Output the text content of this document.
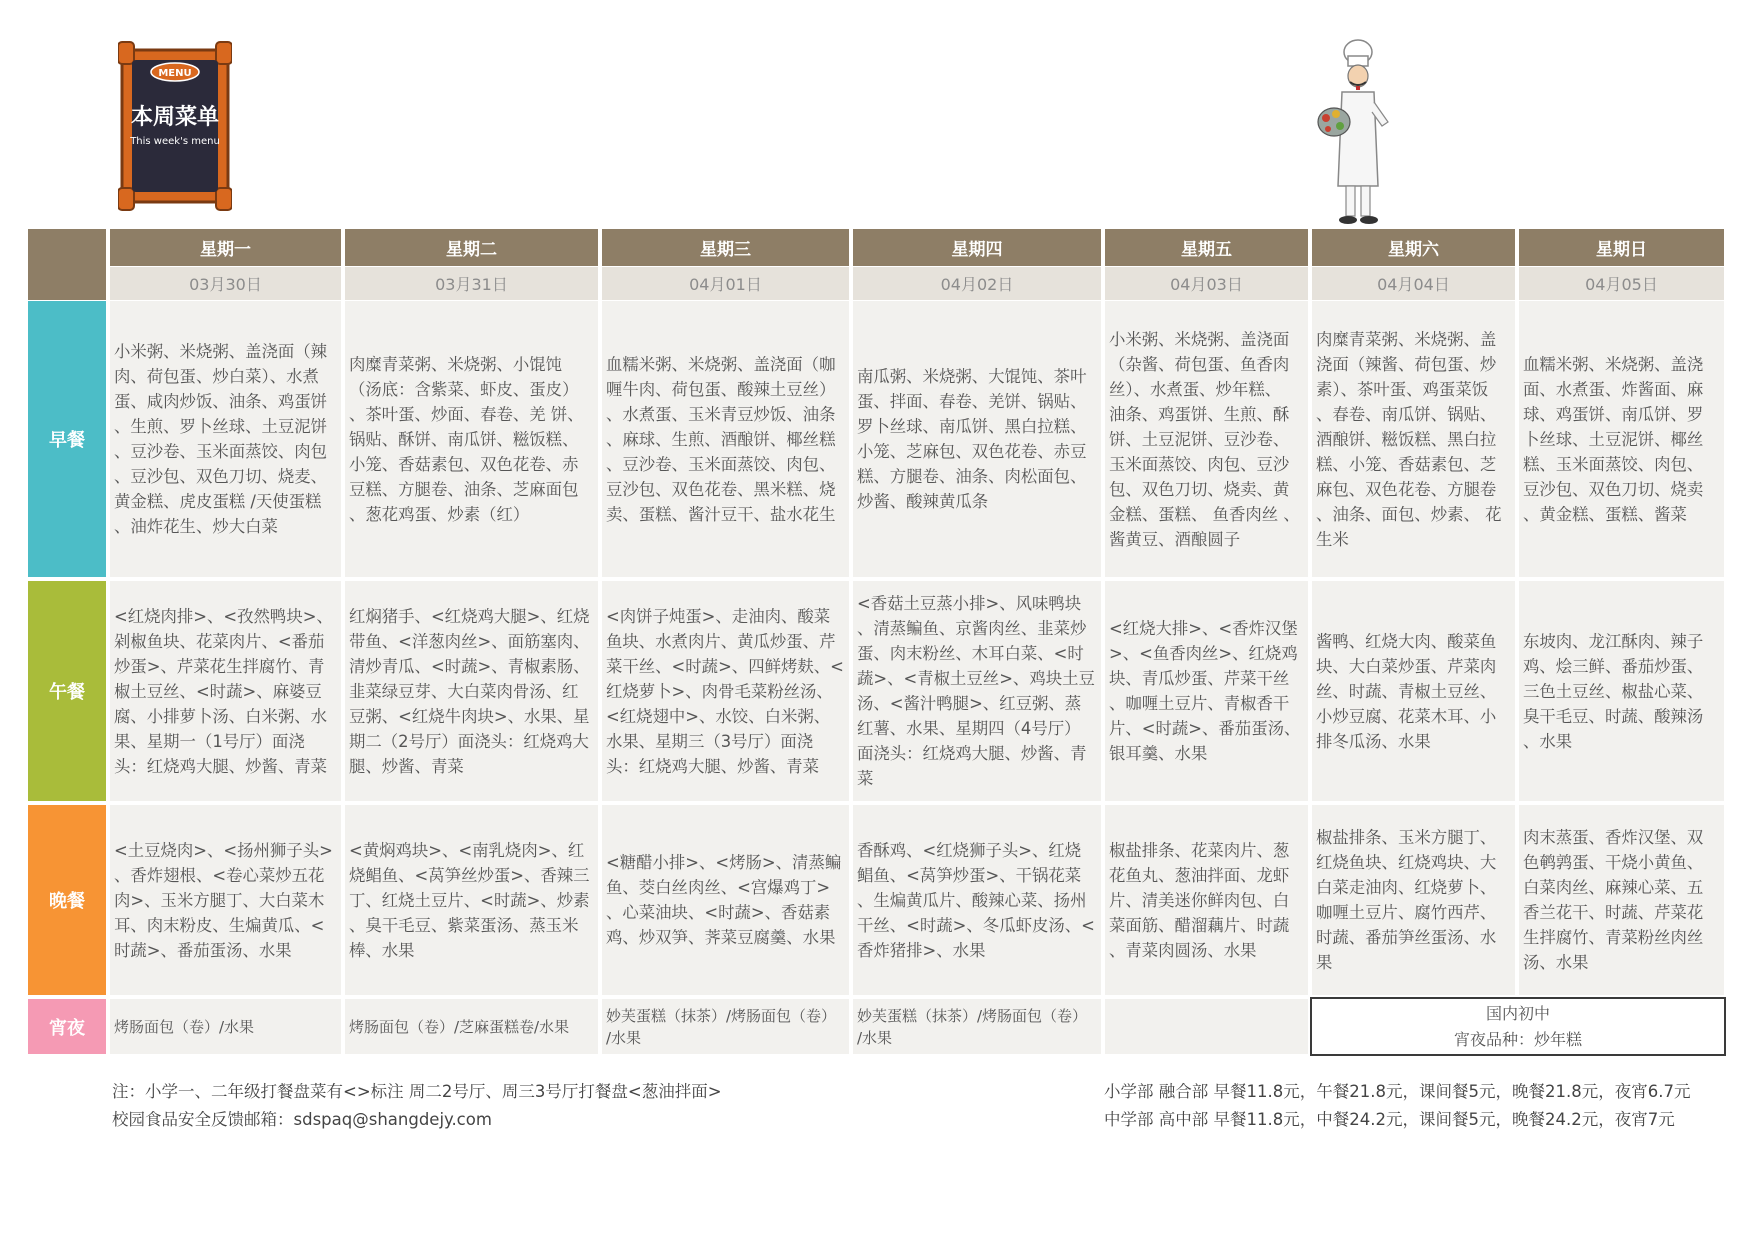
MENU
本周菜单
This week's menu
星期一
03月30日
星期二
03月31日
星期三
04月01日
星期四
04月02日
星期五
04月03日
星期六
04月04日
星期日
04月05日
早餐
小米粥、米烧粥、盖浇面（辣
肉、荷包蛋、炒白菜）、水煮
蛋、咸肉炒饭、油条、鸡蛋饼
、生煎、罗卜丝球、土豆泥饼
、豆沙卷、玉米面蒸饺、肉包
、豆沙包、双色刀切、烧麦、
黄金糕、虎皮蛋糕 /天使蛋糕
、油炸花生、炒大白菜
肉糜青菜粥、米烧粥、小馄饨
（汤底：含紫菜、虾皮、蛋皮）
、茶叶蛋、炒面、春卷、羌 饼、
锅贴、酥饼、南瓜饼、糍饭糕、
小笼、香菇素包、双色花卷、赤
豆糕、方腿卷、油条、芝麻面包
、葱花鸡蛋、炒素（红）
血糯米粥、米烧粥、盖浇面（咖
喱牛肉、荷包蛋、酸辣土豆丝）
、水煮蛋、玉米青豆炒饭、油条
、麻球、生煎、酒酿饼、椰丝糕
、豆沙卷、玉米面蒸饺、肉包、
豆沙包、双色花卷、黑米糕、烧
卖、蛋糕、酱汁豆干、盐水花生
南瓜粥、米烧粥、大馄饨、茶叶
蛋、拌面、春卷、羌饼、锅贴、
罗卜丝球、南瓜饼、黑白拉糕、
小笼、芝麻包、双色花卷、赤豆
糕、方腿卷、油条、肉松面包、
炒酱、酸辣黄瓜条
小米粥、米烧粥、盖浇面
（杂酱、荷包蛋、鱼香肉
丝）、水煮蛋、炒年糕、
油条、鸡蛋饼、生煎、酥
饼、土豆泥饼、豆沙卷、
玉米面蒸饺、肉包、豆沙
包、双色刀切、烧卖、黄
金糕、蛋糕、 鱼香肉丝 、
酱黄豆、酒酿圆子
肉糜青菜粥、米烧粥、盖
浇面（辣酱、荷包蛋、炒
素）、茶叶蛋、鸡蛋菜饭
、春卷、南瓜饼、锅贴、
酒酿饼、糍饭糕、黑白拉
糕、小笼、香菇素包、芝
麻包、双色花卷、方腿卷
、油条、面包、炒素、 花
生米
血糯米粥、米烧粥、盖浇
面、水煮蛋、炸酱面、麻
球、鸡蛋饼、南瓜饼、罗
卜丝球、土豆泥饼、椰丝
糕、玉米面蒸饺、肉包、
豆沙包、双色刀切、烧卖
、黄金糕、蛋糕、酱菜
午餐
<红烧肉排>、<孜然鸭块>、
剁椒鱼块、花菜肉片、<番茄
炒蛋>、芹菜花生拌腐竹、青
椒土豆丝、<时蔬>、麻婆豆
腐、小排萝卜汤、白米粥、水
果、星期一（1号厅）面浇
头：红烧鸡大腿、炒酱、青菜
红焖猪手、<红烧鸡大腿>、红烧
带鱼、<洋葱肉丝>、面筋塞肉、
清炒青瓜、<时蔬>、青椒素肠、
韭菜绿豆芽、大白菜肉骨汤、红
豆粥、<红烧牛肉块>、水果、星
期二（2号厅）面浇头：红烧鸡大
腿、炒酱、青菜
<肉饼子炖蛋>、走油肉、酸菜
鱼块、水煮肉片、黄瓜炒蛋、芹
菜干丝、<时蔬>、四鲜烤麸、<
红烧萝卜>、肉骨毛菜粉丝汤、
<红烧翅中>、水饺、白米粥、
水果、星期三（3号厅）面浇
头：红烧鸡大腿、炒酱、青菜
<香菇土豆蒸小排>、风味鸭块
、清蒸鳊鱼、京酱肉丝、韭菜炒
蛋、肉末粉丝、木耳白菜、<时
蔬>、<青椒土豆丝>、鸡块土豆
汤、<酱汁鸭腿>、红豆粥、蒸
红薯、水果、星期四（4号厅）
面浇头：红烧鸡大腿、炒酱、青
菜
<红烧大排>、<香炸汉堡
>、<鱼香肉丝>、红烧鸡
块、青瓜炒蛋、芹菜干丝
、咖喱土豆片、青椒香干
片、<时蔬>、番茄蛋汤、
银耳羹、水果
酱鸭、红烧大肉、酸菜鱼
块、大白菜炒蛋、芹菜肉
丝、时蔬、青椒土豆丝、
小炒豆腐、花菜木耳、小
排冬瓜汤、水果
东坡肉、龙江酥肉、辣子
鸡、烩三鲜、番茄炒蛋、
三色土豆丝、椒盐心菜、
臭干毛豆、时蔬、酸辣汤
、水果
晚餐
<土豆烧肉>、<扬州狮子头>
、香炸翅根、<卷心菜炒五花
肉>、玉米方腿丁、大白菜木
耳、肉末粉皮、生煸黄瓜、<
时蔬>、番茄蛋汤、水果
<黄焖鸡块>、<南乳烧肉>、红
烧鲳鱼、<莴笋丝炒蛋>、香辣三
丁、红烧土豆片、<时蔬>、炒素
、臭干毛豆、紫菜蛋汤、蒸玉米
棒、水果
<糖醋小排>、<烤肠>、清蒸鳊
鱼、茭白丝肉丝、<宫爆鸡丁>
、心菜油块、<时蔬>、香菇素
鸡、炒双笋、荠菜豆腐羹、水果
香酥鸡、<红烧狮子头>、红烧
鲳鱼、<莴笋炒蛋>、干锅花菜
、生煸黄瓜片、酸辣心菜、扬州
干丝、<时蔬>、冬瓜虾皮汤、<
香炸猪排>、水果
椒盐排条、花菜肉片、葱
花鱼丸、葱油拌面、龙虾
片、清美迷你鲜肉包、白
菜面筋、醋溜藕片、时蔬
、青菜肉圆汤、水果
椒盐排条、玉米方腿丁、
红烧鱼块、红烧鸡块、大
白菜走油肉、红烧萝卜、
咖喱土豆片、腐竹西芹、
时蔬、番茄笋丝蛋汤、水
果
肉末蒸蛋、香炸汉堡、双
色鹌鹑蛋、干烧小黄鱼、
白菜肉丝、麻辣心菜、五
香兰花干、时蔬、芹菜花
生拌腐竹、青菜粉丝肉丝
汤、水果
宵夜	烤肠面包（卷）/水果	烤肠面包（卷）/芝麻蛋糕卷/水果
妙芙蛋糕（抹茶）/烤肠面包（卷）
/水果
妙芙蛋糕（抹茶）/烤肠面包（卷）
/水果
国内初中
宵夜品种：炒年糕
注：小学一、二年级打餐盘菜有<>标注 周二2号厅、周三3号厅打餐盘<葱油拌面>
校园食品安全反馈邮箱：sdspaq@shangdejy.com
小学部 融合部 早餐11.8元，午餐21.8元，课间餐5元，晚餐21.8元，夜宵6.7元
中学部 高中部 早餐11.8元，中餐24.2元，课间餐5元，晚餐24.2元，夜宵7元
